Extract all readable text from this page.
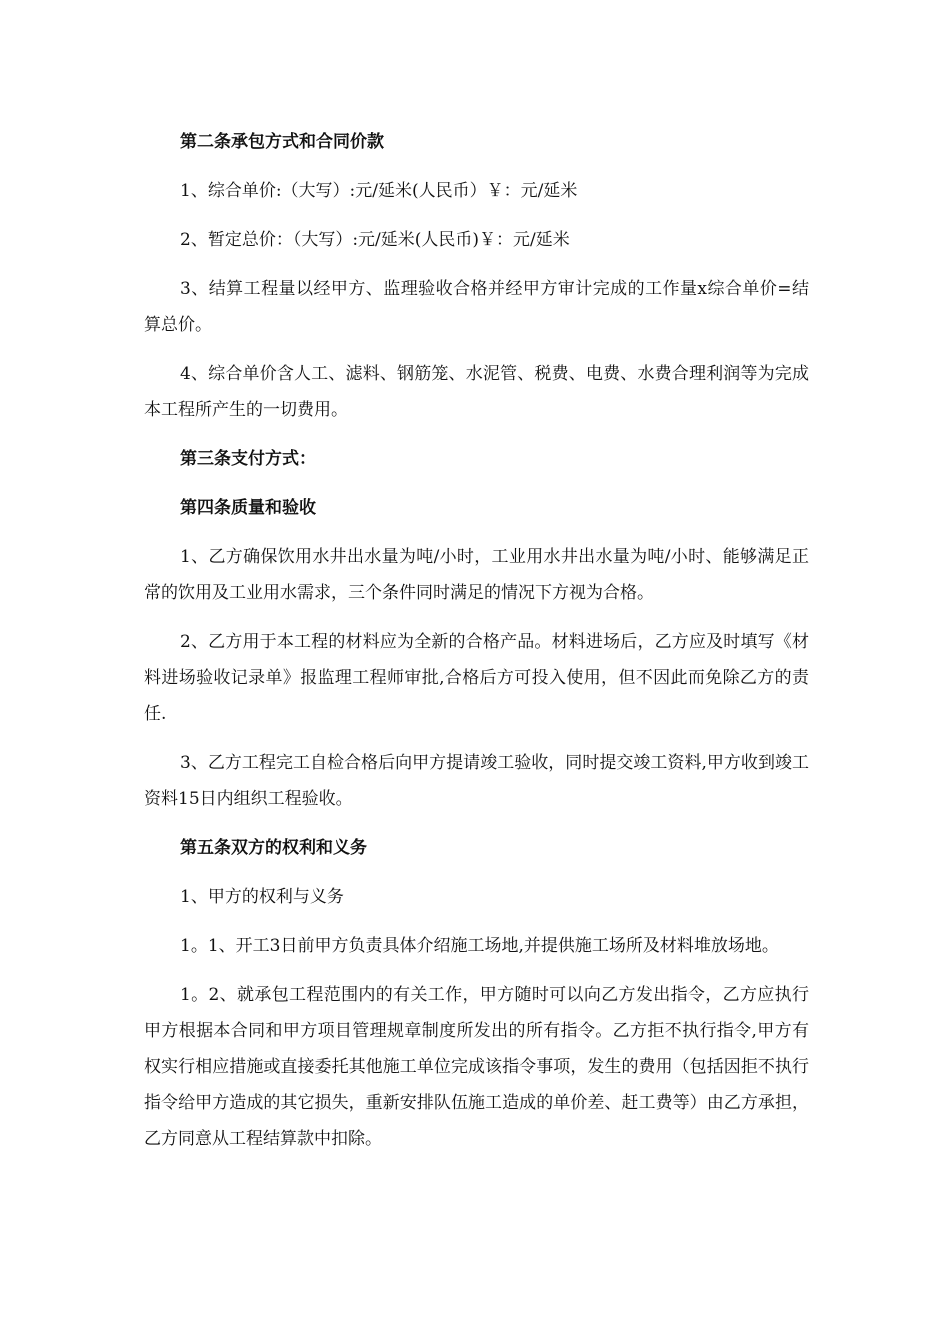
第二条承包方式和合同价款

1、综合单价:（大写）:元/延米(人民币）￥：元/延米

2、暂定总价：（大写）:元/延米(人民币)￥：元/延米

3、结算工程量以经甲方、监理验收合格并经甲方审计完成的工作量x综合单价=结算总价。

4、综合单价含人工、滤料、钢筋笼、水泥管、税费、电费、水费合理利润等为完成本工程所产生的一切费用。

第三条支付方式：

第四条质量和验收

1、乙方确保饮用水井出水量为吨/小时，工业用水井出水量为吨/小时、能够满足正常的饮用及工业用水需求，三个条件同时满足的情况下方视为合格。

2、乙方用于本工程的材料应为全新的合格产品。材料进场后，乙方应及时填写《材料进场验收记录单》报监理工程师审批,合格后方可投入使用，但不因此而免除乙方的责任.

3、乙方工程完工自检合格后向甲方提请竣工验收，同时提交竣工资料,甲方收到竣工资料15日内组织工程验收。

第五条双方的权利和义务

1、甲方的权利与义务

1。1、开工3日前甲方负责具体介绍施工场地,并提供施工场所及材料堆放场地。

1。2、就承包工程范围内的有关工作，甲方随时可以向乙方发出指令，乙方应执行甲方根据本合同和甲方项目管理规章制度所发出的所有指令。乙方拒不执行指令,甲方有权实行相应措施或直接委托其他施工单位完成该指令事项，发生的费用（包括因拒不执行指令给甲方造成的其它损失，重新安排队伍施工造成的单价差、赶工费等）由乙方承担，乙方同意从工程结算款中扣除。
